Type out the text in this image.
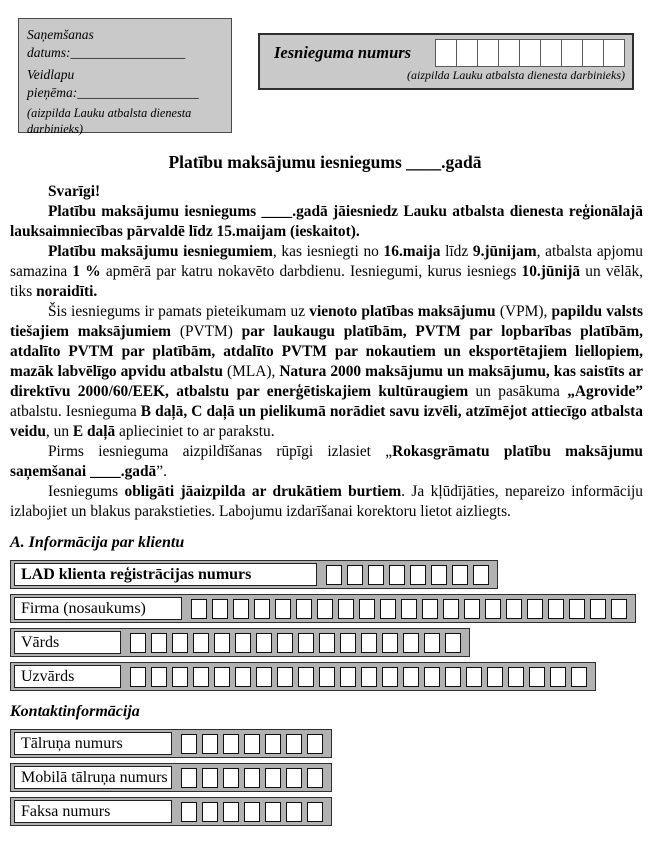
Saņemšanas datums:_________________
Veidlapu pieņēma:__________________
(aizpilda Lauku atbalsta dienesta darbinieks)
Iesnieguma numurs
(aizpilda Lauku atbalsta dienesta darbinieks)
Platību maksājumu iesniegums ____.gadā

Svarīgi!

Platību maksājumu iesniegums ____.gadā jāiesniedz Lauku atbalsta dienesta reģionālajā lauksaimniecības pārvaldē līdz 15.maijam (ieskaitot).

Platību maksājumu iesniegumiem, kas iesniegti no 16.maija līdz 9.jūnijam, atbalsta apjomu samazina 1 % apmērā par katru nokavēto darbdienu. Iesniegumi, kurus iesniegs 10.jūnijā un vēlāk, tiks noraidīti.

Šis iesniegums ir pamats pieteikumam uz vienoto platības maksājumu (VPM), papildu valsts tiešajiem maksājumiem (PVTM) par laukaugu platībām, PVTM par lopbarības platībām, atdalīto PVTM par platībām, atdalīto PVTM par nokautiem un eksportētajiem liellopiem, mazāk labvēlīgo apvidu atbalstu (MLA), Natura 2000 maksājumu un maksājumu, kas saistīts ar direktīvu 2000/60/EEK, atbalstu par enerģētiskajiem kultūraugiem un pasākuma „Agrovide” atbalstu. Iesnieguma B daļā, C daļā un pielikumā norādiet savu izvēli, atzīmējot attiecīgo atbalsta veidu, un E daļā aplieciniet to ar parakstu.

Pirms iesnieguma aizpildīšanas rūpīgi izlasiet „Rokasgrāmatu platību maksājumu saņemšanai ____.gadā”.

Iesniegums obligāti jāaizpilda ar drukātiem burtiem. Ja kļūdījāties, nepareizo informāciju izlabojiet un blakus parakstieties. Labojumu izdarīšanai korektoru lietot aizliegts.

A. Informācija par klientu
LAD klienta reģistrācijas numurs
Firma (nosaukums)
Vārds
Uzvārds
Kontaktinformācija
Tālruņa numurs
Mobilā tālruņa numurs
Faksa numurs
